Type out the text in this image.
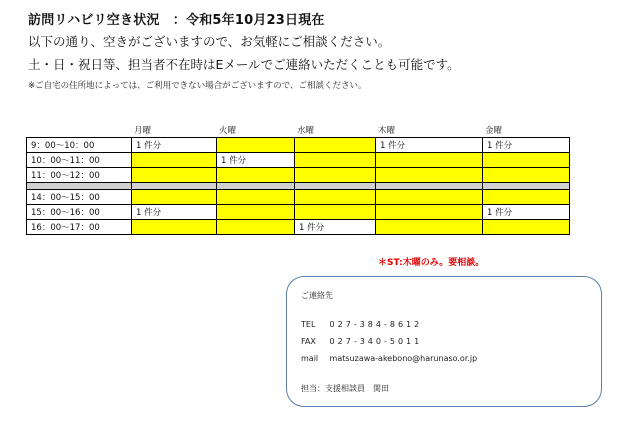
訪問リハビリ空き状況　：令和5年10月23日現在
以下の通り、空きがございますので、お気軽にご相談ください。
土・日・祝日等、担当者不在時はEメールでご連絡いただくことも可能です。
※ご自宅の住所地によっては、ご利用できない場合がございますので、ご相談ください。
月曜	火曜	水曜	木曜	金曜
9：00〜10：00	1 件分			1 件分	1 件分
10：00〜11：00		1 件分			
11：00〜12：00					

14：00〜15：00					
15：00〜16：00	1 件分				1 件分
16：00〜17：00			1 件分		
＊ST:木曜のみ。要相談。
ご連絡先
TEL 027-384-8612
FAX 027-340-5011
mail matsuzawa-akebono@harunaso.or.jp
担当：支援相談員　関田
